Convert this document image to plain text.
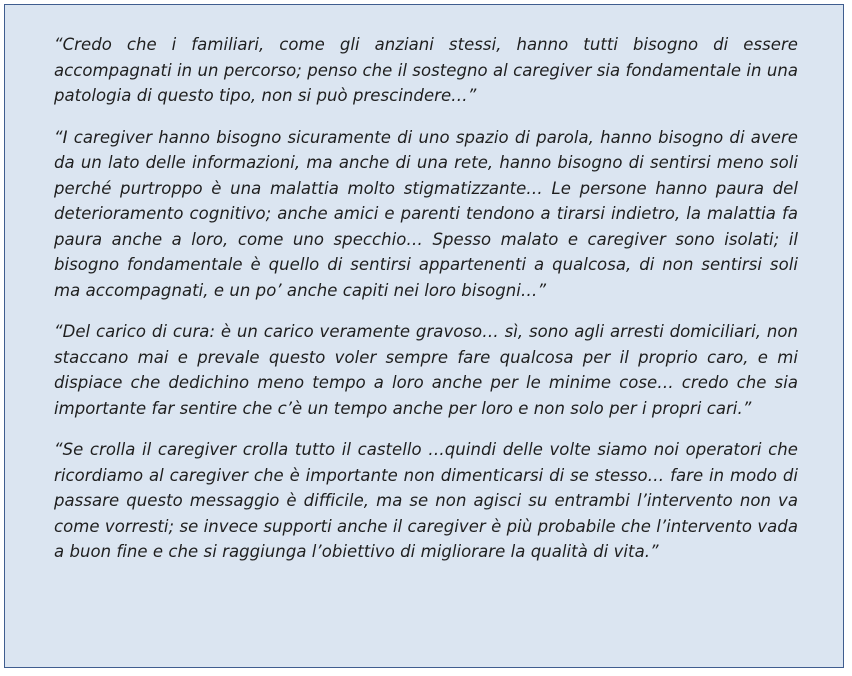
“Credo che i familiari, come gli anziani stessi, hanno tutti bisogno di essere accompagnati in un percorso; penso che il sostegno al caregiver sia fondamentale in una patologia di questo tipo, non si può prescindere…”

“I caregiver hanno bisogno sicuramente di uno spazio di parola, hanno bisogno di avere da un lato delle informazioni, ma anche di una rete, hanno bisogno di sentirsi meno soli perché purtroppo è una malattia molto stigmatizzante… Le persone hanno paura del deterioramento cognitivo; anche amici e parenti tendono a tirarsi indietro, la malattia fa paura anche a loro, come uno specchio… Spesso malato e caregiver sono isolati; il bisogno fondamentale è quello di sentirsi appartenenti a qualcosa, di non sentirsi soli ma accompagnati, e un po’ anche capiti nei loro bisogni…”

“Del carico di cura: è un carico veramente gravoso… sì, sono agli arresti domiciliari, non staccano mai e prevale questo voler sempre fare qualcosa per il proprio caro, e mi dispiace che dedichino meno tempo a loro anche per le minime cose… credo che sia importante far sentire che c’è un tempo anche per loro e non solo per i propri cari.”

“Se crolla il caregiver crolla tutto il castello …quindi delle volte siamo noi operatori che ricordiamo al caregiver che è importante non dimenticarsi di se stesso… fare in modo di passare questo messaggio è difficile, ma se non agisci su entrambi l’intervento non va come vorresti; se invece supporti anche il caregiver è più probabile che l’intervento vada a buon fine e che si raggiunga l’obiettivo di migliorare la qualità di vita.”
